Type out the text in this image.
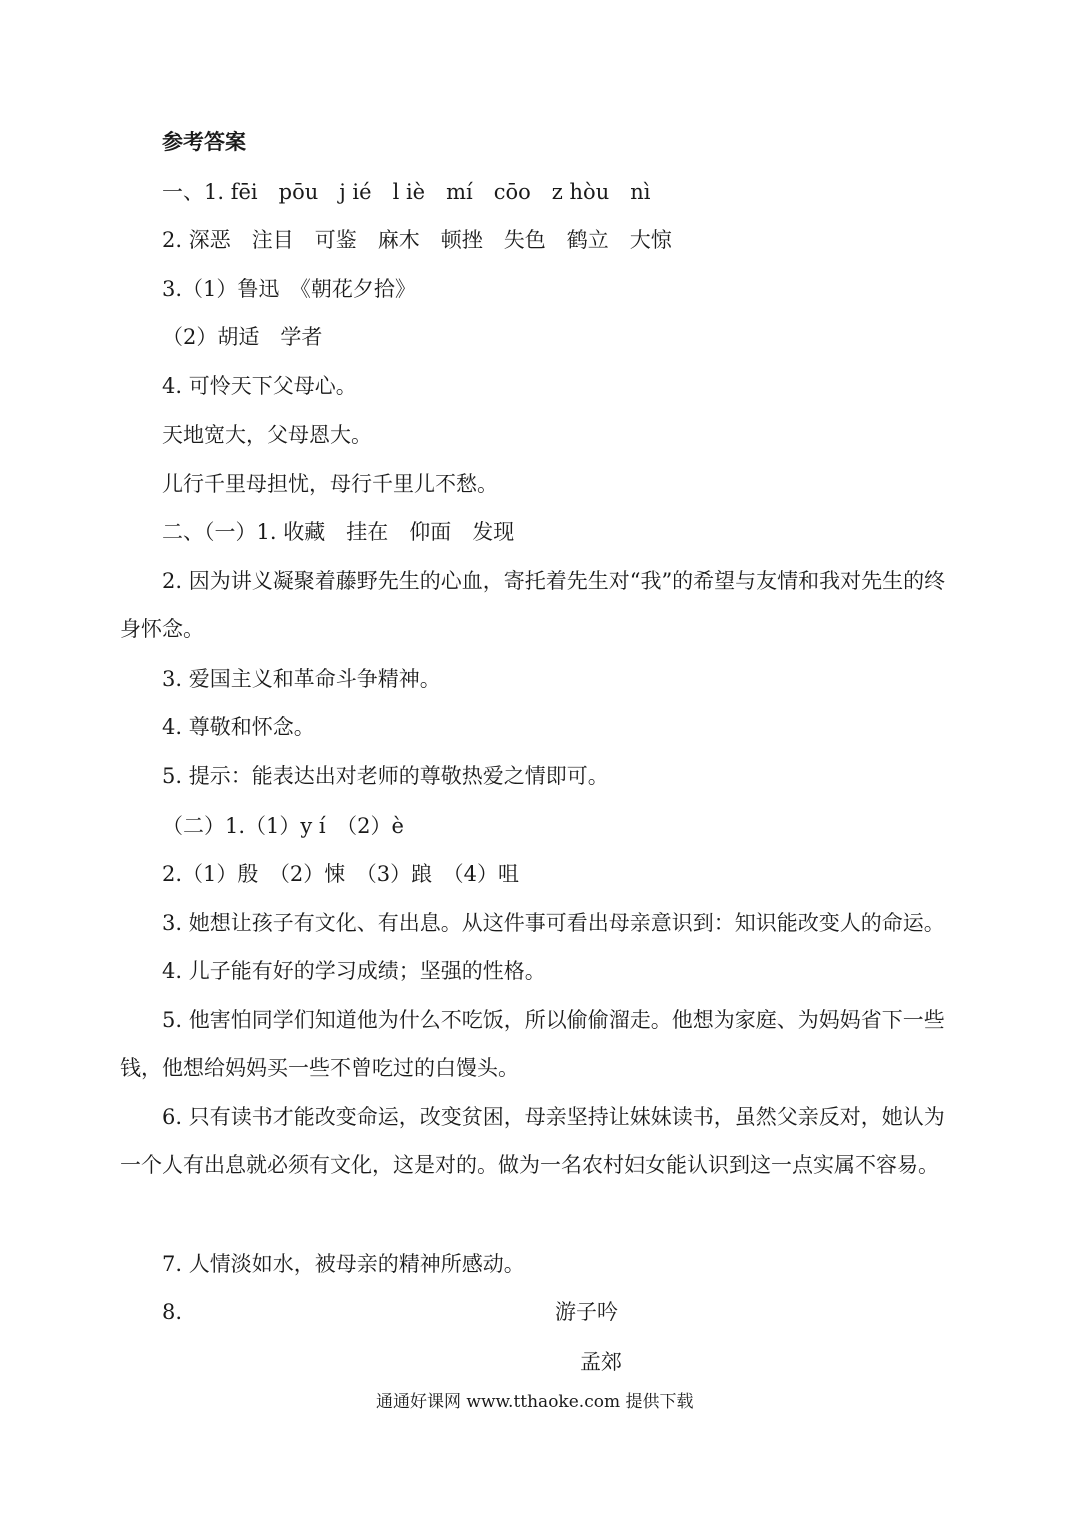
参考答案
一、1. fēi　pōu　j ié　l iè　mí　cōo　z hòu　nì
2. 深恶　注目　可鉴　麻木　顿挫　失色　鹤立　大惊
3.（1）鲁迅　《朝花夕拾》
（2）胡适　学者
4. 可怜天下父母心。
天地宽大，父母恩大。
儿行千里母担忧，母行千里儿不愁。
二、（一）1. 收藏　挂在　仰面　发现
2. 因为讲义凝聚着藤野先生的心血，寄托着先生对“我”的希望与友情和我对先生的终身怀念。
3. 爱国主义和革命斗争精神。
4. 尊敬和怀念。
5. 提示：能表达出对老师的尊敬热爱之情即可。
（二）1.（1）y í　（2）è
2.（1）殷　（2）悚　（3）踉　（4）咀
3. 她想让孩子有文化、有出息。从这件事可看出母亲意识到：知识能改变人的命运。
4. 儿子能有好的学习成绩；坚强的性格。
5. 他害怕同学们知道他为什么不吃饭，所以偷偷溜走。他想为家庭、为妈妈省下一些钱，他想给妈妈买一些不曾吃过的白馒头。
6. 只有读书才能改变命运，改变贫困，母亲坚持让妹妹读书，虽然父亲反对，她认为一个人有出息就必须有文化，这是对的。做为一名农村妇女能认识到这一点实属不容易。
7. 人情淡如水，被母亲的精神所感动。
8.	游子吟
孟郊
通通好课网 www.tthaoke.com 提供下载
